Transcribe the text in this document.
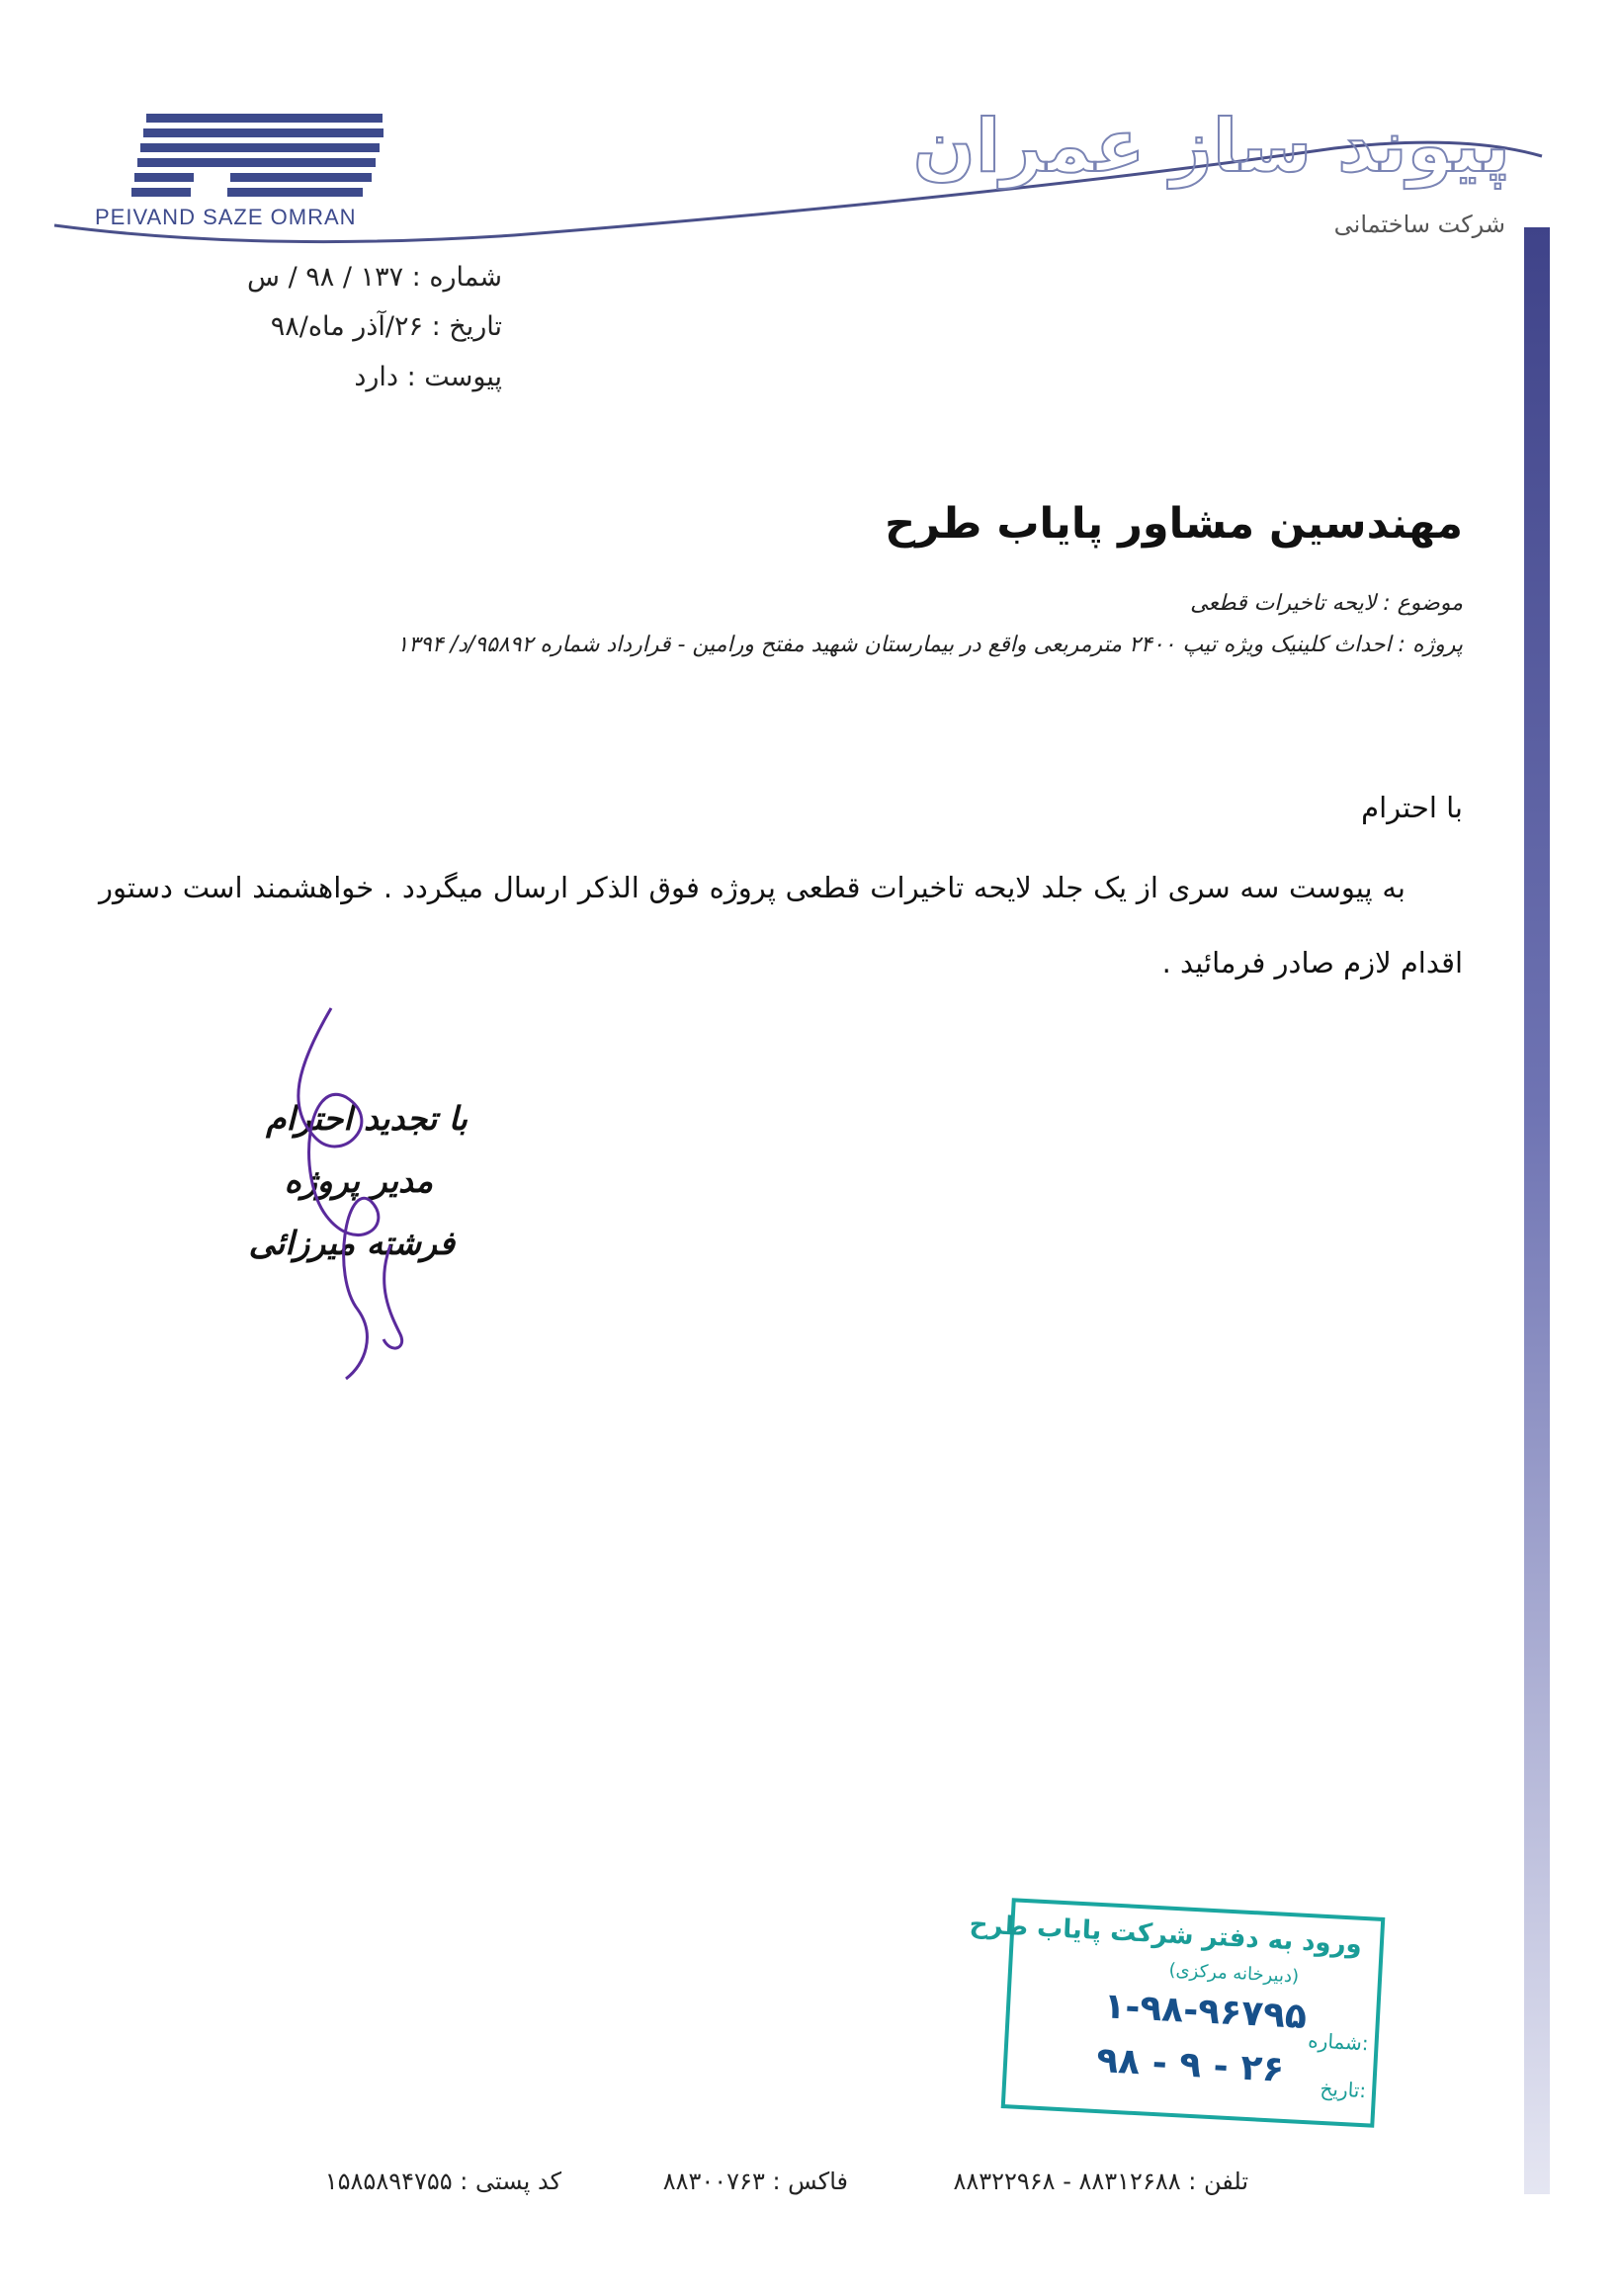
PEIVAND SAZE OMRAN
پیوند ساز عمران
شرکت ساختمانی
شماره : ۱۳۷ / ۹۸ / س
تاریخ : ۲۶/آذر ماه/۹۸
پیوست : دارد
مهندسین مشاور پایاب طرح
موضوع : لایحه تاخیرات قطعی
پروژه : احداث کلینیک ویژه تیپ ۲۴۰۰ مترمربعی واقع در بیمارستان شهید مفتح ورامین - قرارداد شماره ۹۵۸۹۲/د/ ۱۳۹۴
با احترام
به پیوست سه سری از یک جلد لایحه تاخیرات قطعی پروژه فوق الذکر ارسال میگردد . خواهشمند است دستور اقدام لازم صادر فرمائید .
با تجدید احترام
مدیر پروژه
فرشته میرزائی
ورود به دفتر شرکت پایاب طرح
(دبیرخانه مرکزی)
شماره:
۱-۹۸-۹۶۷۹۵
تاریخ:
۹۸ - ۹ - ۲۶
تلفن : ۸۸۳۱۲۶۸۸ - ۸۸۳۲۲۹۶۸
فاکس : ۸۸۳۰۰۷۶۳
کد پستی : ۱۵۸۵۸۹۴۷۵۵
